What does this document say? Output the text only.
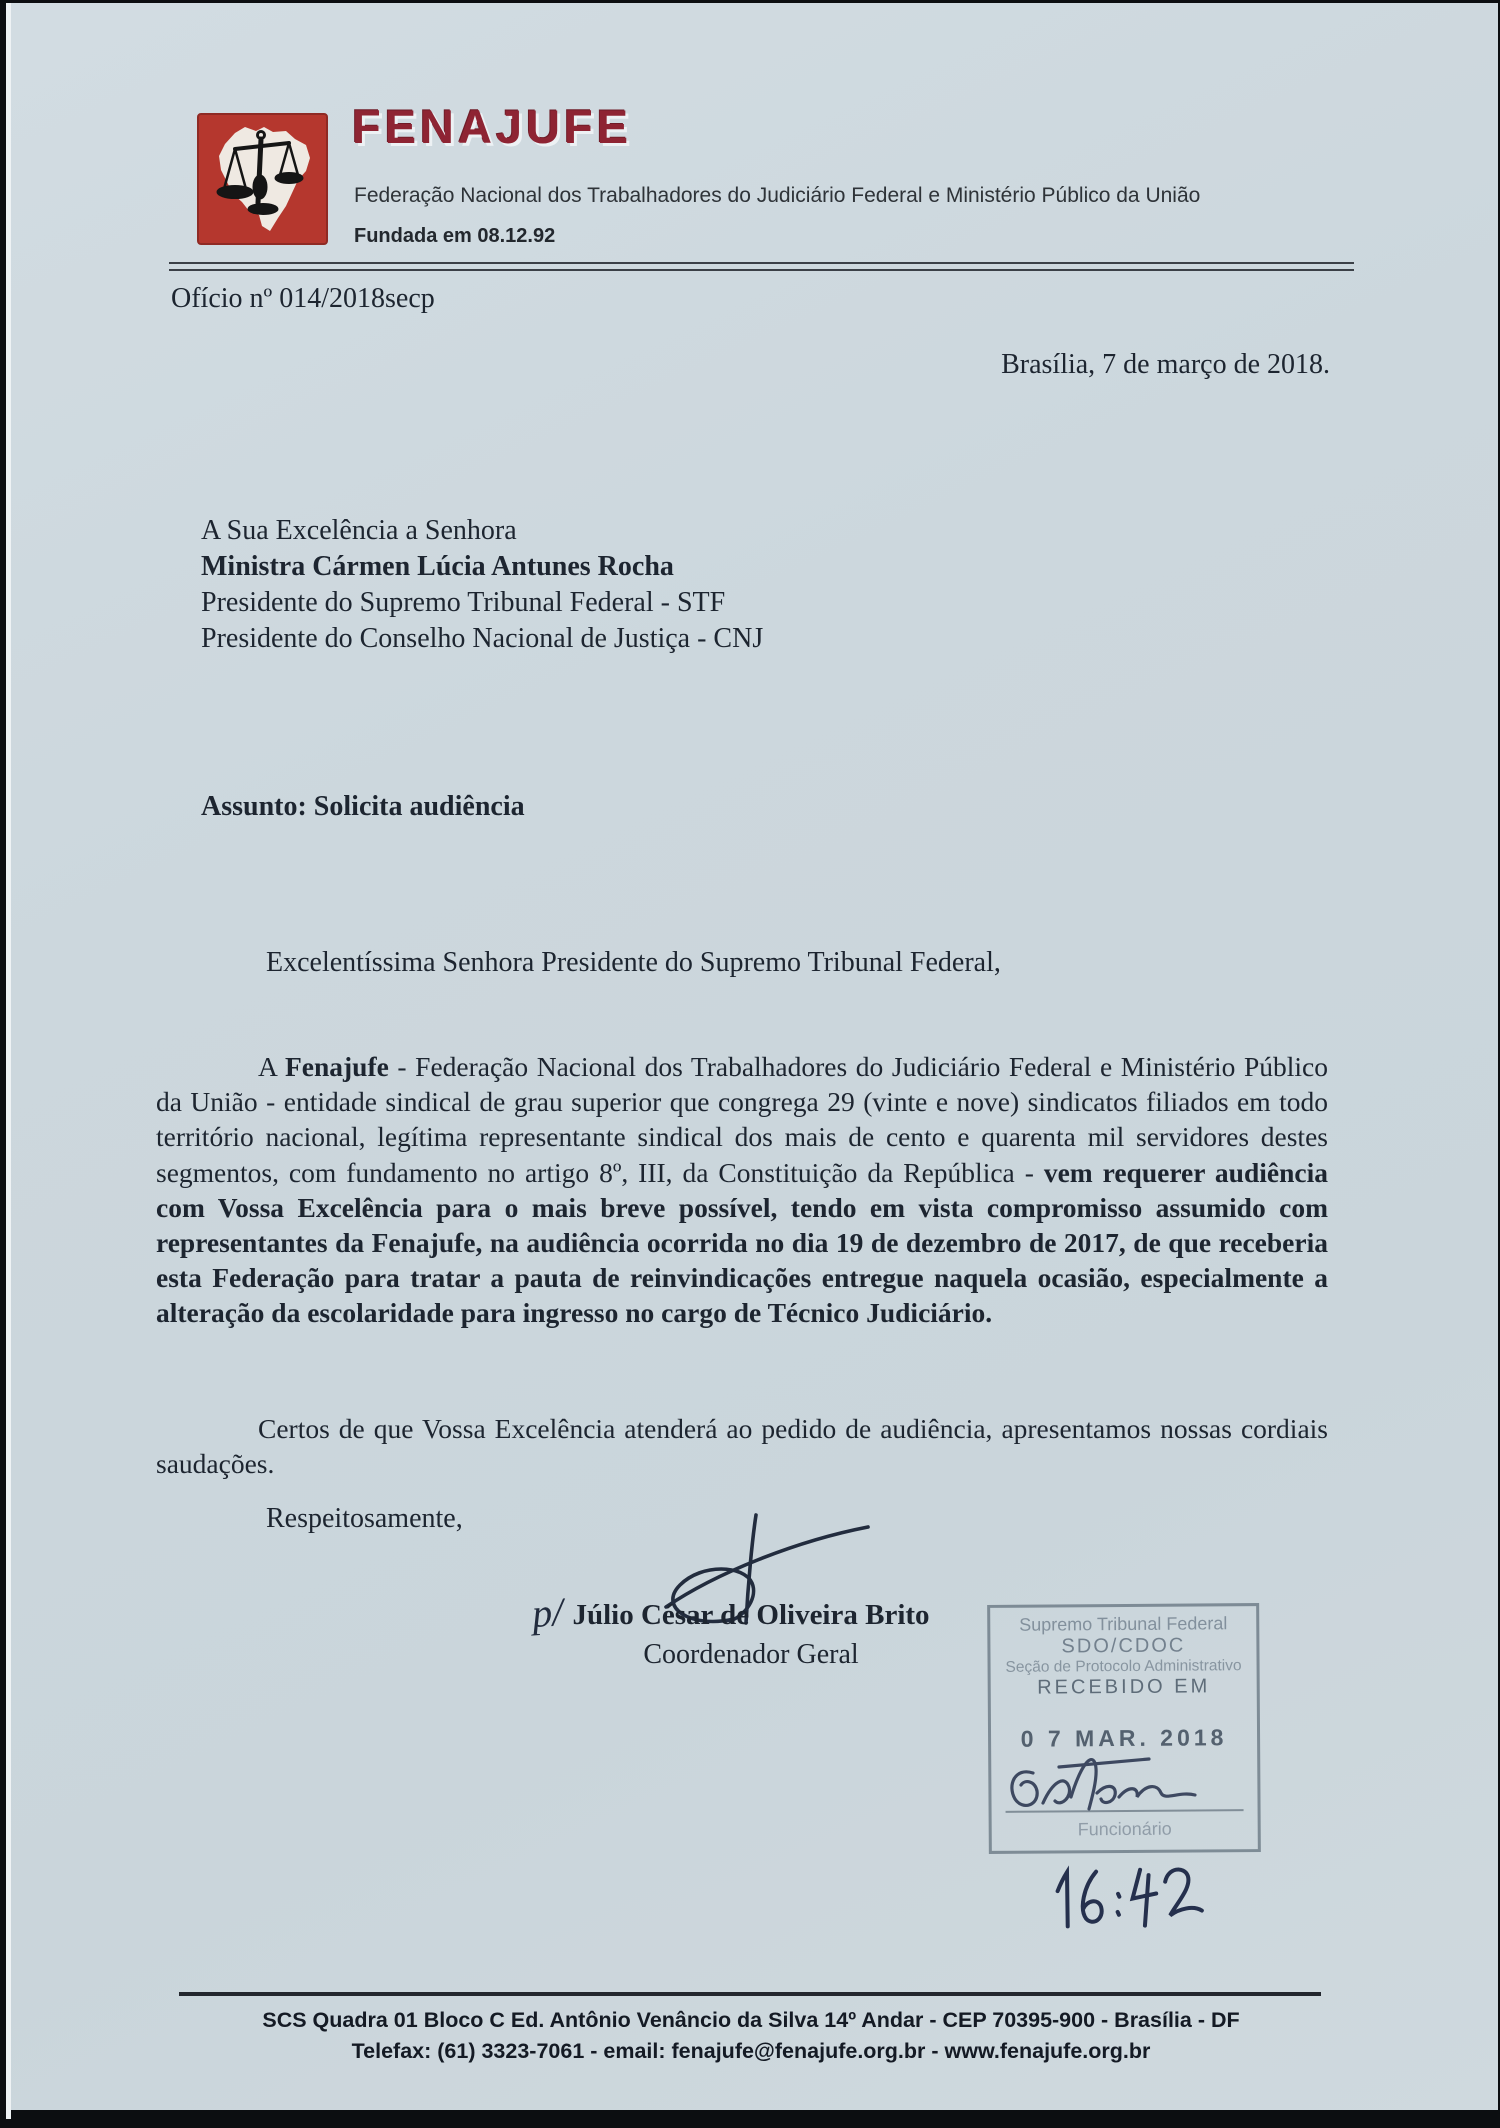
FENAJUFE
Federação Nacional dos Trabalhadores do Judiciário Federal e Ministério Público da União
Fundada em 08.12.92
Ofício nº 014/2018secp
Brasília, 7 de março de 2018.
A Sua Excelência a Senhora
Ministra Cármen Lúcia Antunes Rocha
Presidente do Supremo Tribunal Federal - STF
Presidente do Conselho Nacional de Justiça - CNJ
Assunto: Solicita audiência
Excelentíssima Senhora Presidente do Supremo Tribunal Federal,

A Fenajufe - Federação Nacional dos Trabalhadores do Judiciário Federal e Ministério Público da União - entidade sindical de grau superior que congrega 29 (vinte e nove) sindicatos filiados em todo território nacional, legítima representante sindical dos mais de cento e quarenta mil servidores destes segmentos, com fundamento no artigo 8º, III, da Constituição da República - vem requerer audiência com Vossa Excelência para o mais breve possível, tendo em vista compromisso assumido com representantes da Fenajufe, na audiência ocorrida no dia 19 de dezembro de 2017, de que receberia esta Federação para tratar a pauta de reinvindicações entregue naquela ocasião, especialmente a alteração da escolaridade para ingresso no cargo de Técnico Judiciário.

Certos de que Vossa Excelência atenderá ao pedido de audiência, apresentamos nossas cordiais saudações.

Respeitosamente,
p/ Júlio César de Oliveira Brito
Coordenador Geral
Supremo Tribunal Federal
SDO/CDOC
Seção de Protocolo Administrativo
RECEBIDO EM
0 7 MAR. 2018
Funcionário
SCS Quadra 01 Bloco C Ed. Antônio Venâncio da Silva 14º Andar - CEP 70395-900 - Brasília - DF
Telefax: (61) 3323-7061 - email: fenajufe@fenajufe.org.br - www.fenajufe.org.br
